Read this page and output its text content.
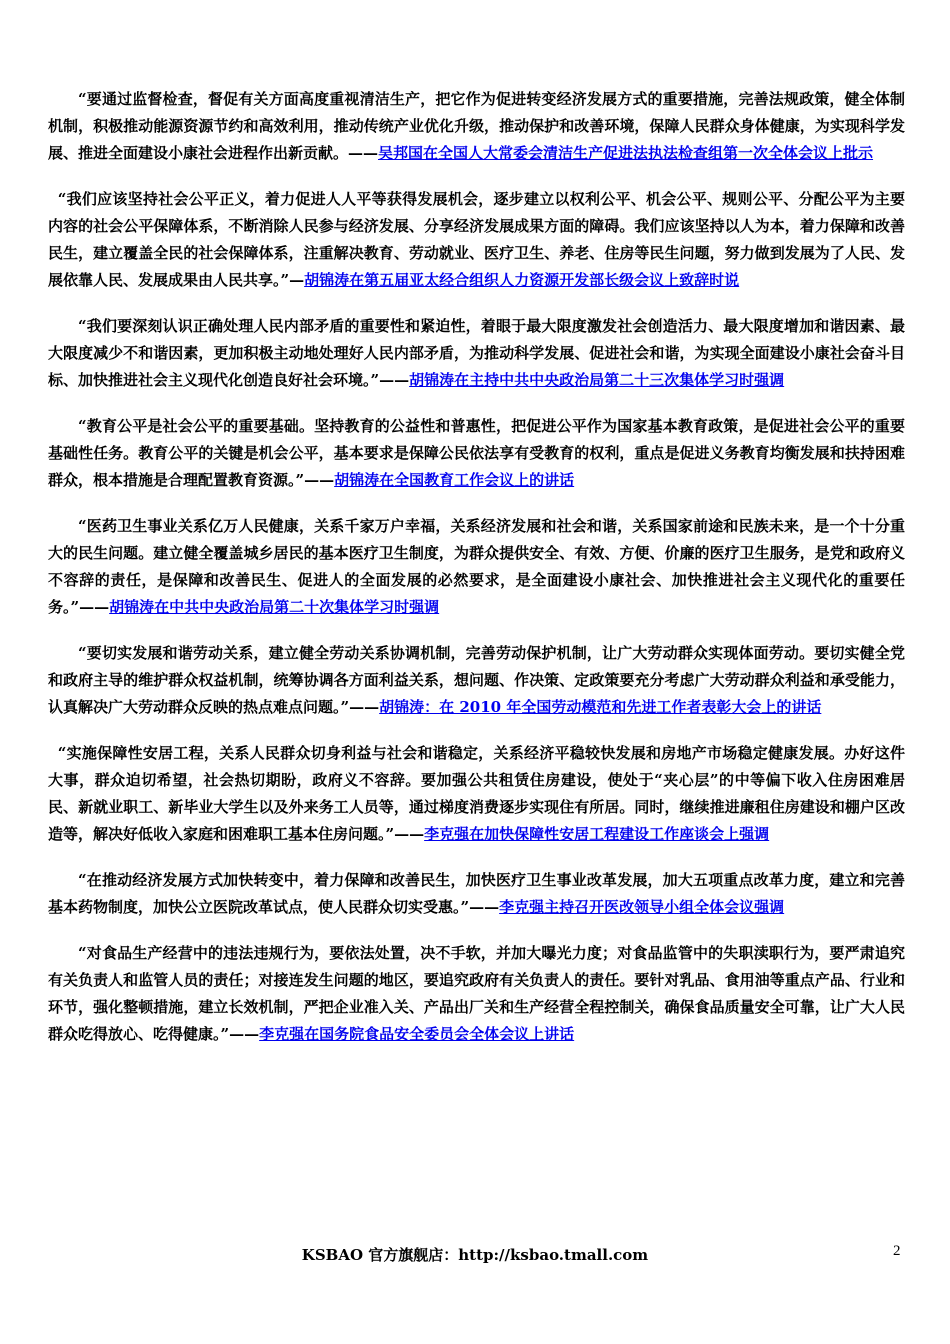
“要通过监督检查，督促有关方面高度重视清洁生产，把它作为促进转变经济发展方式的重要措施，完善法规政策，健全体制机制，积极推动能源资源节约和高效利用，推动传统产业优化升级，推动保护和改善环境，保障人民群众身体健康，为实现科学发展、推进全面建设小康社会进程作出新贡献。——吴邦国在全国人大常委会清洁生产促进法执法检查组第一次全体会议上批示

“我们应该坚持社会公平正义，着力促进人人平等获得发展机会，逐步建立以权利公平、机会公平、规则公平、分配公平为主要内容的社会公平保障体系，不断消除人民参与经济发展、分享经济发展成果方面的障碍。我们应该坚持以人为本，着力保障和改善民生，建立覆盖全民的社会保障体系，注重解决教育、劳动就业、医疗卫生、养老、住房等民生问题，努力做到发展为了人民、发展依靠人民、发展成果由人民共享。”—胡锦涛在第五届亚太经合组织人力资源开发部长级会议上致辞时说

“我们要深刻认识正确处理人民内部矛盾的重要性和紧迫性，着眼于最大限度激发社会创造活力、最大限度增加和谐因素、最大限度减少不和谐因素，更加积极主动地处理好人民内部矛盾，为推动科学发展、促进社会和谐，为实现全面建设小康社会奋斗目标、加快推进社会主义现代化创造良好社会环境。”——胡锦涛在主持中共中央政治局第二十三次集体学习时强调

“教育公平是社会公平的重要基础。坚持教育的公益性和普惠性，把促进公平作为国家基本教育政策，是促进社会公平的重要基础性任务。教育公平的关键是机会公平，基本要求是保障公民依法享有受教育的权利，重点是促进义务教育均衡发展和扶持困难群众，根本措施是合理配置教育资源。”——胡锦涛在全国教育工作会议上的讲话

“医药卫生事业关系亿万人民健康，关系千家万户幸福，关系经济发展和社会和谐，关系国家前途和民族未来，是一个十分重大的民生问题。建立健全覆盖城乡居民的基本医疗卫生制度，为群众提供安全、有效、方便、价廉的医疗卫生服务，是党和政府义不容辞的责任，是保障和改善民生、促进人的全面发展的必然要求，是全面建设小康社会、加快推进社会主义现代化的重要任务。”——胡锦涛在中共中央政治局第二十次集体学习时强调

“要切实发展和谐劳动关系，建立健全劳动关系协调机制，完善劳动保护机制，让广大劳动群众实现体面劳动。要切实健全党和政府主导的维护群众权益机制，统筹协调各方面利益关系，想问题、作决策、定政策要充分考虑广大劳动群众利益和承受能力，认真解决广大劳动群众反映的热点难点问题。”——胡锦涛：在 2010 年全国劳动模范和先进工作者表彰大会上的讲话

“实施保障性安居工程，关系人民群众切身利益与社会和谐稳定，关系经济平稳较快发展和房地产市场稳定健康发展。办好这件大事，群众迫切希望，社会热切期盼，政府义不容辞。要加强公共租赁住房建设，使处于“夹心层”的中等偏下收入住房困难居民、新就业职工、新毕业大学生以及外来务工人员等，通过梯度消费逐步实现住有所居。同时，继续推进廉租住房建设和棚户区改造等，解决好低收入家庭和困难职工基本住房问题。”——李克强在加快保障性安居工程建设工作座谈会上强调

“在推动经济发展方式加快转变中，着力保障和改善民生，加快医疗卫生事业改革发展，加大五项重点改革力度，建立和完善基本药物制度，加快公立医院改革试点，使人民群众切实受惠。”——李克强主持召开医改领导小组全体会议强调

“对食品生产经营中的违法违规行为，要依法处置，决不手软，并加大曝光力度；对食品监管中的失职渎职行为，要严肃追究有关负责人和监管人员的责任；对接连发生问题的地区，要追究政府有关负责人的责任。要针对乳品、食用油等重点产品、行业和环节，强化整顿措施，建立长效机制，严把企业准入关、产品出厂关和生产经营全程控制关，确保食品质量安全可靠，让广大人民群众吃得放心、吃得健康。”——李克强在国务院食品安全委员会全体会议上讲话

KSBAO 官方旗舰店：http://ksbao.tmall.com	2
